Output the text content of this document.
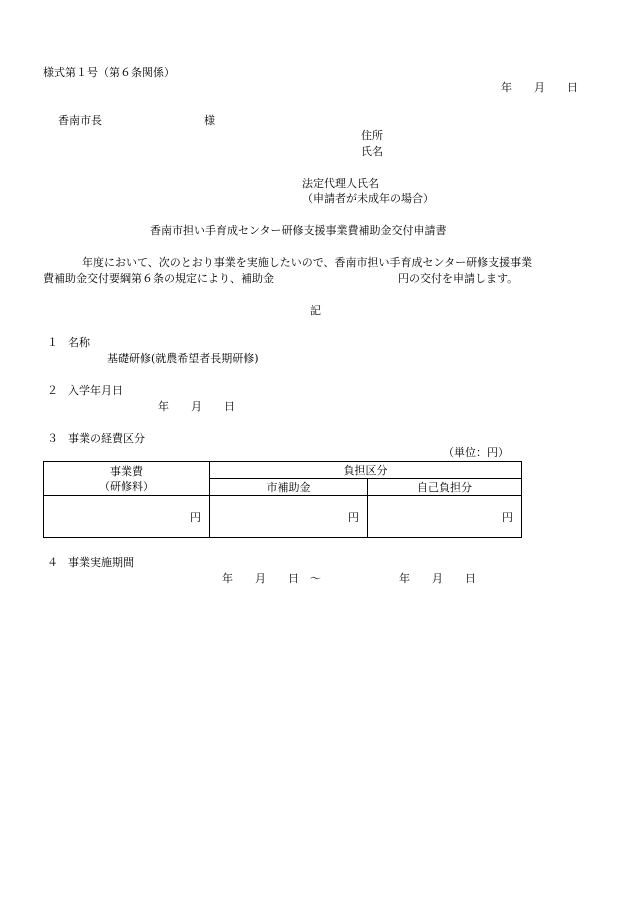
様式第１号（第６条関係）
年　　月　　日
香南市長	様
住所
氏名
法定代理人氏名
（申請者が未成年の場合）
香南市担い手育成センター研修支援事業費補助金交付申請書
年度において、次のとおり事業を実施したいので、香南市担い手育成センター研修支援事業
費補助金交付要綱第６条の規定により、補助金	円の交付を申請します。
記
１ 名称
基礎研修(就農希望者長期研修)
２ 入学年月日
年　　月　　日
３ 事業の経費区分
（単位：円）
事業費
（研修料）	負担区分	
	市補助金	自己負担分
円	円	円
４ 事業実施期間
年　　月　　日　～	年　　月　　日
